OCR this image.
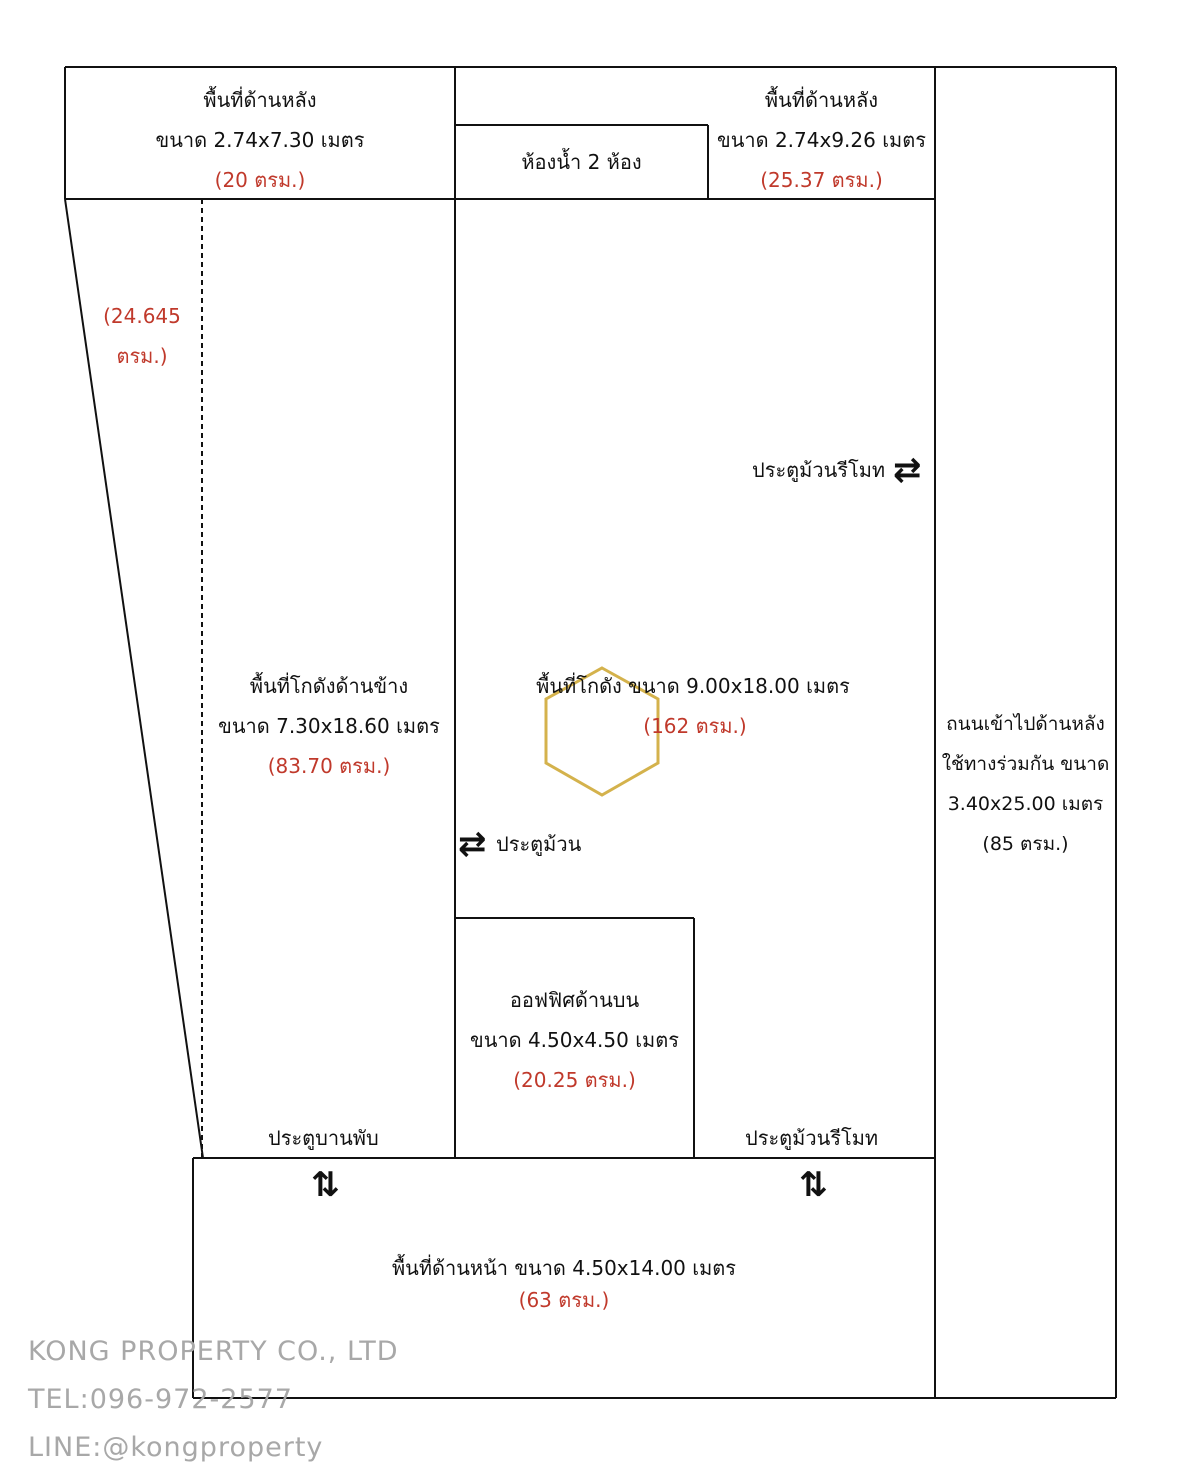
พื้นที่ด้านหลัง
ขนาด 2.74x7.30 เมตร
(20 ตรม.)
พื้นที่ด้านหลัง
ขนาด 2.74x9.26 เมตร
(25.37 ตรม.)
ห้องน้ำ 2 ห้อง
(24.645
ตรม.)
พื้นที่โกดังด้านข้าง
ขนาด 7.30x18.60 เมตร
(83.70 ตรม.)
พื้นที่โกดัง ขนาด 9.00x18.00 เมตร
(162 ตรม.)	ถนนเข้าไปด้านหลัง
ใช้ทางร่วมกัน ขนาด
3.40x25.00 เมตร
(85 ตรม.)
ออฟฟิศด้านบน
ขนาด 4.50x4.50 เมตร
(20.25 ตรม.)
พื้นที่ด้านหน้า ขนาด 4.50x14.00 เมตร
(63 ตรม.)
ประตูม้วนรีโมท ⇄
⇄ ประตูม้วน
ประตูบานพับ
⇅
ประตูม้วนรีโมท
⇅
KONG PROPERTY CO., LTD
TEL:096-972-2577
LINE:@kongproperty
